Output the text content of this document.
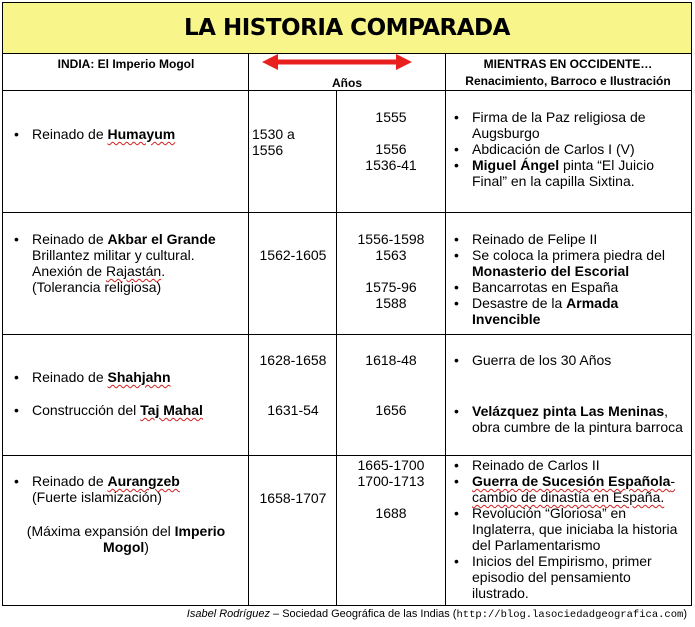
LA HISTORIA COMPARADA
INDIA: El Imperio Mogol
Años
MIENTRAS EN OCCIDENTE…
Renacimiento, Barroco e Ilustración
• Reinado de Humayum	1530 a
1556
1555
1556
1536-41
• Firma de la Paz religiosa de Augsburgo
• Abdicación de Carlos I (V)
• Miguel Ángel pinta “El Juicio Final” en la capilla Sixtina.
• Reinado de Akbar el Grande Brillantez militar y cultural. Anexión de Rajastán.
(Tolerancia religiosa)
1562-1605
1556-1598
1563
1575-96
1588
• Reinado de Felipe II
• Se coloca la primera piedra del Monasterio del Escorial
• Bancarrotas en España
• Desastre de la Armada Invencible
• Reinado de Shahjahn
• Construcción del Taj Mahal
1628-1658
1631-54
1618-48
1656
• Guerra de los 30 Años
• Velázquez pinta Las Meninas, obra cumbre de la pintura barroca
• Reinado de Aurangzeb
(Fuerte islamización)
(Máxima expansión del Imperio
Mogol)
1658-1707
1665-1700
1700-1713
1688
• Reinado de Carlos II
• Guerra de Sucesión Española-cambio de dinastía en España.
• Revolución “Gloriosa” en Inglaterra, que iniciaba la historia del Parlamentarismo
• Inicios del Empirismo, primer episodio del pensamiento ilustrado.
Isabel Rodríguez – Sociedad Geográfica de las Indias (http://blog.lasociedadgeografica.com)
